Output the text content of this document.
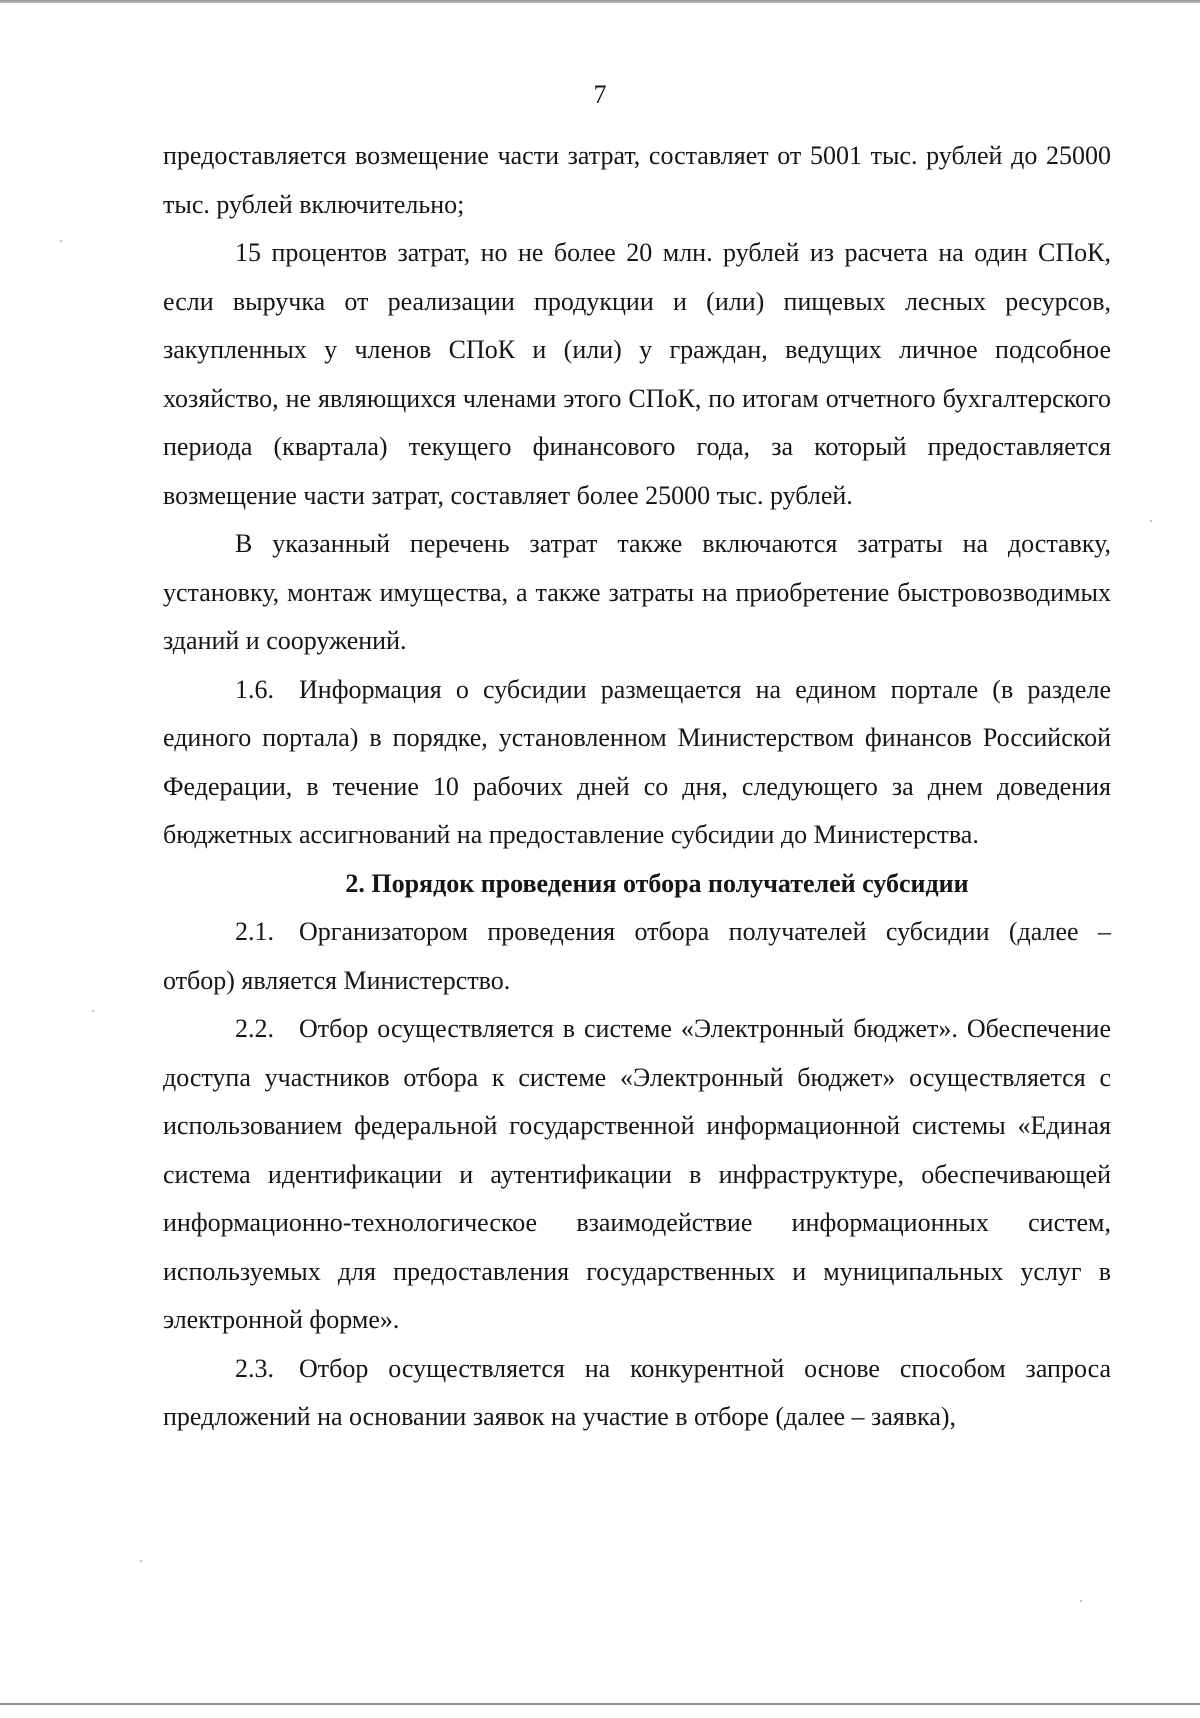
7

предоставляется возмещение части затрат, составляет от 5001 тыс. рублей до 25000 тыс. рублей включительно;

15 процентов затрат, но не более 20 млн. рублей из расчета на один СПоК, если выручка от реализации продукции и (или) пищевых лесных ресурсов, закупленных у членов СПоК и (или) у граждан, ведущих личное подсобное хозяйство, не являющихся членами этого СПоК, по итогам отчетного бухгалтерского периода (квартала) текущего финансового года, за который предоставляется возмещение части затрат, составляет более 25000 тыс. рублей.

В указанный перечень затрат также включаются затраты на доставку, установку, монтаж имущества, а также затраты на приобретение быстровозводимых зданий и сооружений.

1.6. Информация о субсидии размещается на едином портале (в разделе единого портала) в порядке, установленном Министерством финансов Российской Федерации, в течение 10 рабочих дней со дня, следующего за днем доведения бюджетных ассигнований на предоставление субсидии до Министерства.

2. Порядок проведения отбора получателей субсидии

2.1. Организатором проведения отбора получателей субсидии (далее – отбор) является Министерство.

2.2. Отбор осуществляется в системе «Электронный бюджет». Обеспечение доступа участников отбора к системе «Электронный бюджет» осуществляется с использованием федеральной государственной информационной системы «Единая система идентификации и аутентификации в инфраструктуре, обеспечивающей информационно-технологическое взаимодействие информационных систем, используемых для предоставления государственных и муниципальных услуг в электронной форме».

2.3. Отбор осуществляется на конкурентной основе способом запроса предложений на основании заявок на участие в отборе (далее – заявка),
